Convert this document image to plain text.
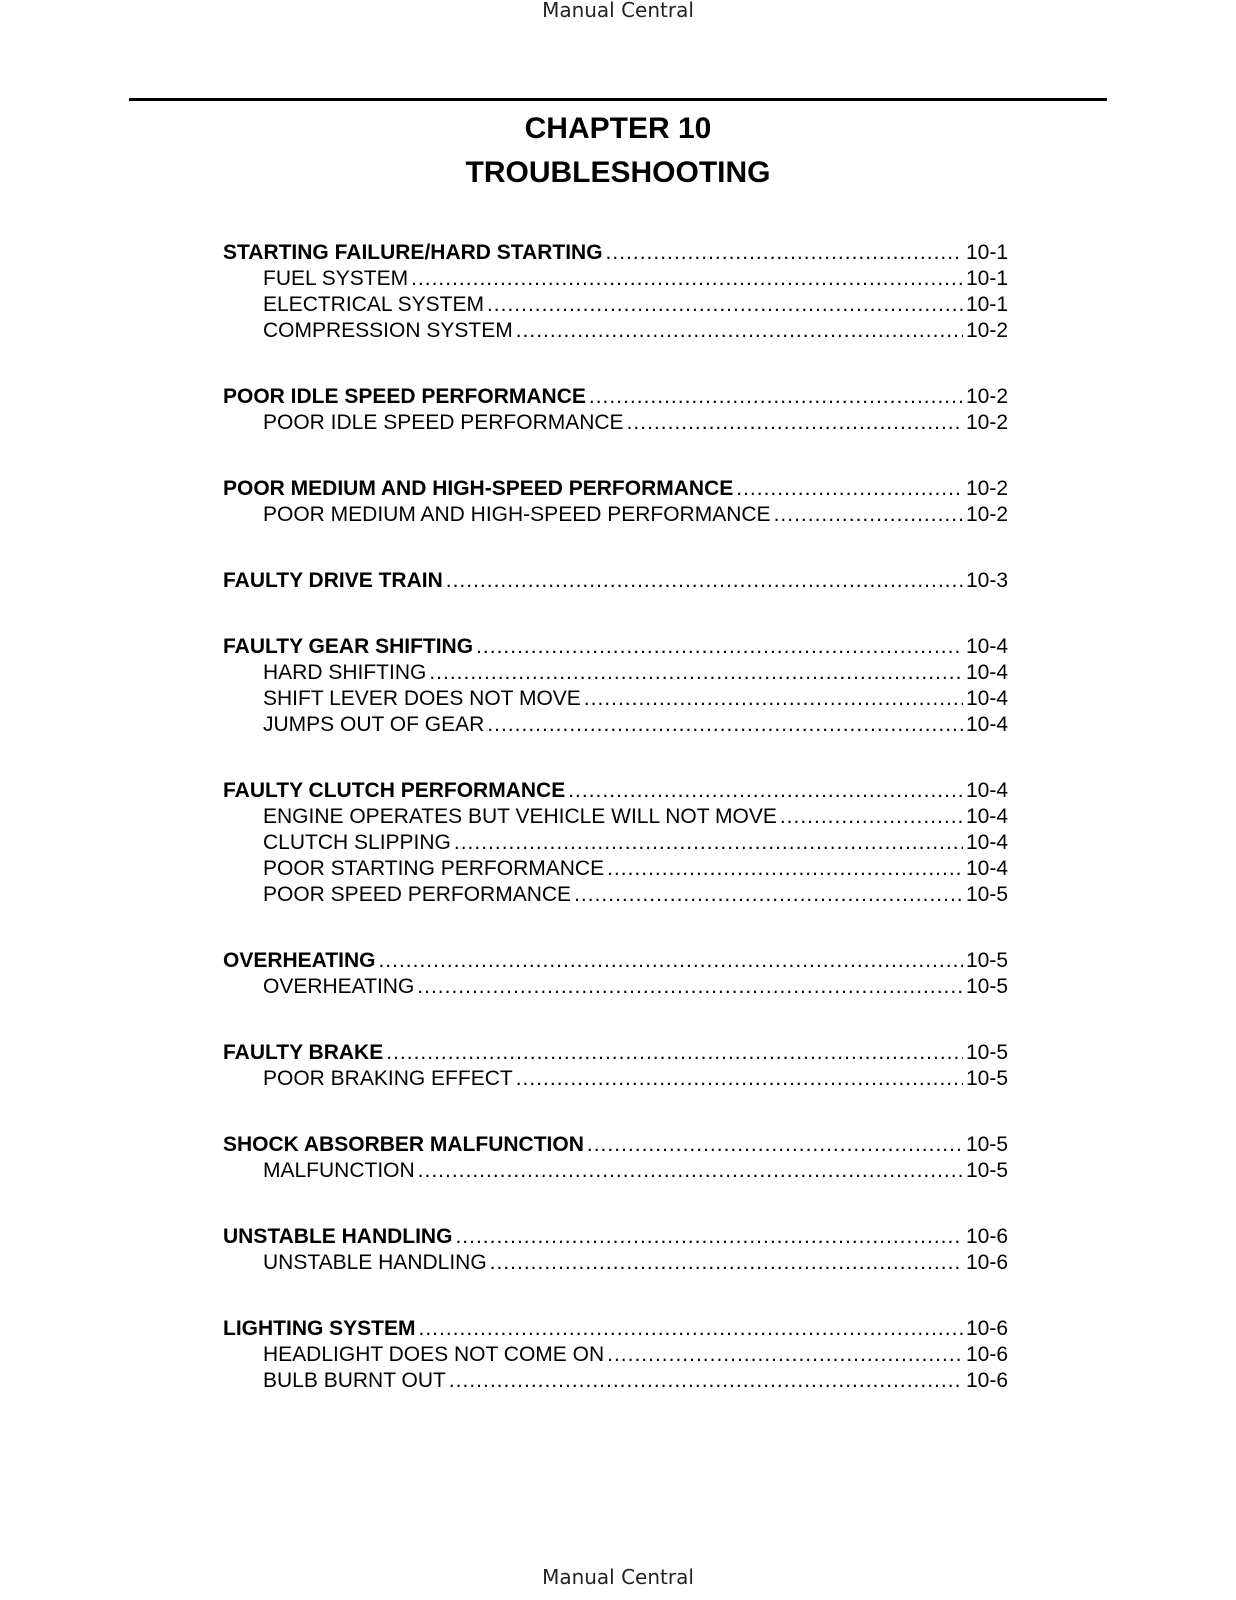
Manual Central
CHAPTER 10
TROUBLESHOOTING
STARTING FAILURE/HARD STARTING .....	10-1
FUEL SYSTEM .....	10-1
ELECTRICAL SYSTEM .....	10-1
COMPRESSION SYSTEM .....	10-2
POOR IDLE SPEED PERFORMANCE .....	10-2
POOR IDLE SPEED PERFORMANCE .....	10-2
POOR MEDIUM AND HIGH-SPEED PERFORMANCE .....	10-2
POOR MEDIUM AND HIGH-SPEED PERFORMANCE .....	10-2
FAULTY DRIVE TRAIN .....	10-3
FAULTY GEAR SHIFTING .....	10-4
HARD SHIFTING .....	10-4
SHIFT LEVER DOES NOT MOVE .....	10-4
JUMPS OUT OF GEAR .....	10-4
FAULTY CLUTCH PERFORMANCE .....	10-4
ENGINE OPERATES BUT VEHICLE WILL NOT MOVE .....	10-4
CLUTCH SLIPPING .....	10-4
POOR STARTING PERFORMANCE .....	10-4
POOR SPEED PERFORMANCE .....	10-5
OVERHEATING .....	10-5
OVERHEATING .....	10-5
FAULTY BRAKE .....	10-5
POOR BRAKING EFFECT .....	10-5
SHOCK ABSORBER MALFUNCTION .....	10-5
MALFUNCTION .....	10-5
UNSTABLE HANDLING .....	10-6
UNSTABLE HANDLING .....	10-6
LIGHTING SYSTEM .....	10-6
HEADLIGHT DOES NOT COME ON .....	10-6
BULB BURNT OUT .....	10-6
Manual Central
